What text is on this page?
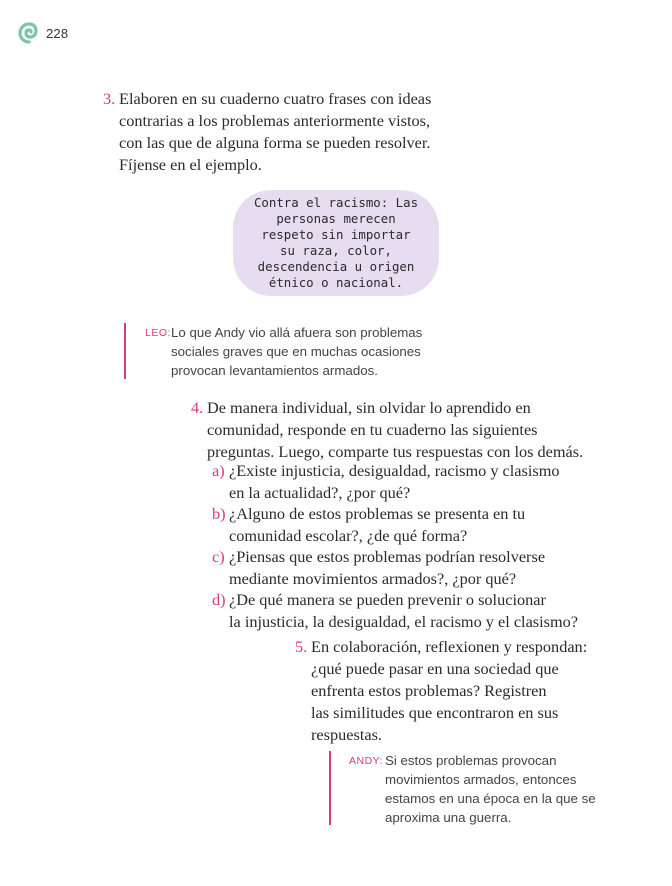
228
3. Elaboren en su cuaderno cuatro frases con ideas
contrarias a los problemas anteriormente vistos,
con las que de alguna forma se pueden resolver.
Fíjense en el ejemplo.
Contra el racismo: Las
personas merecen
respeto sin importar
su raza, color,
descendencia u origen
étnico o nacional.
LEO: Lo que Andy vio allá afuera son problemas
sociales graves que en muchas ocasiones
provocan levantamientos armados.
4. De manera individual, sin olvidar lo aprendido en
comunidad, responde en tu cuaderno las siguientes
preguntas. Luego, comparte tus respuestas con los demás.
a) ¿Existe injusticia, desigualdad, racismo y clasismo
en la actualidad?, ¿por qué?
b) ¿Alguno de estos problemas se presenta en tu
comunidad escolar?, ¿de qué forma?
c) ¿Piensas que estos problemas podrían resolverse
mediante movimientos armados?, ¿por qué?
d) ¿De qué manera se pueden prevenir o solucionar
la injusticia, la desigualdad, el racismo y el clasismo?
5. En colaboración, reflexionen y respondan:
¿qué puede pasar en una sociedad que
enfrenta estos problemas? Registren
las similitudes que encontraron en sus
respuestas.
ANDY: Si estos problemas provocan
movimientos armados, entonces
estamos en una época en la que se
aproxima una guerra.
